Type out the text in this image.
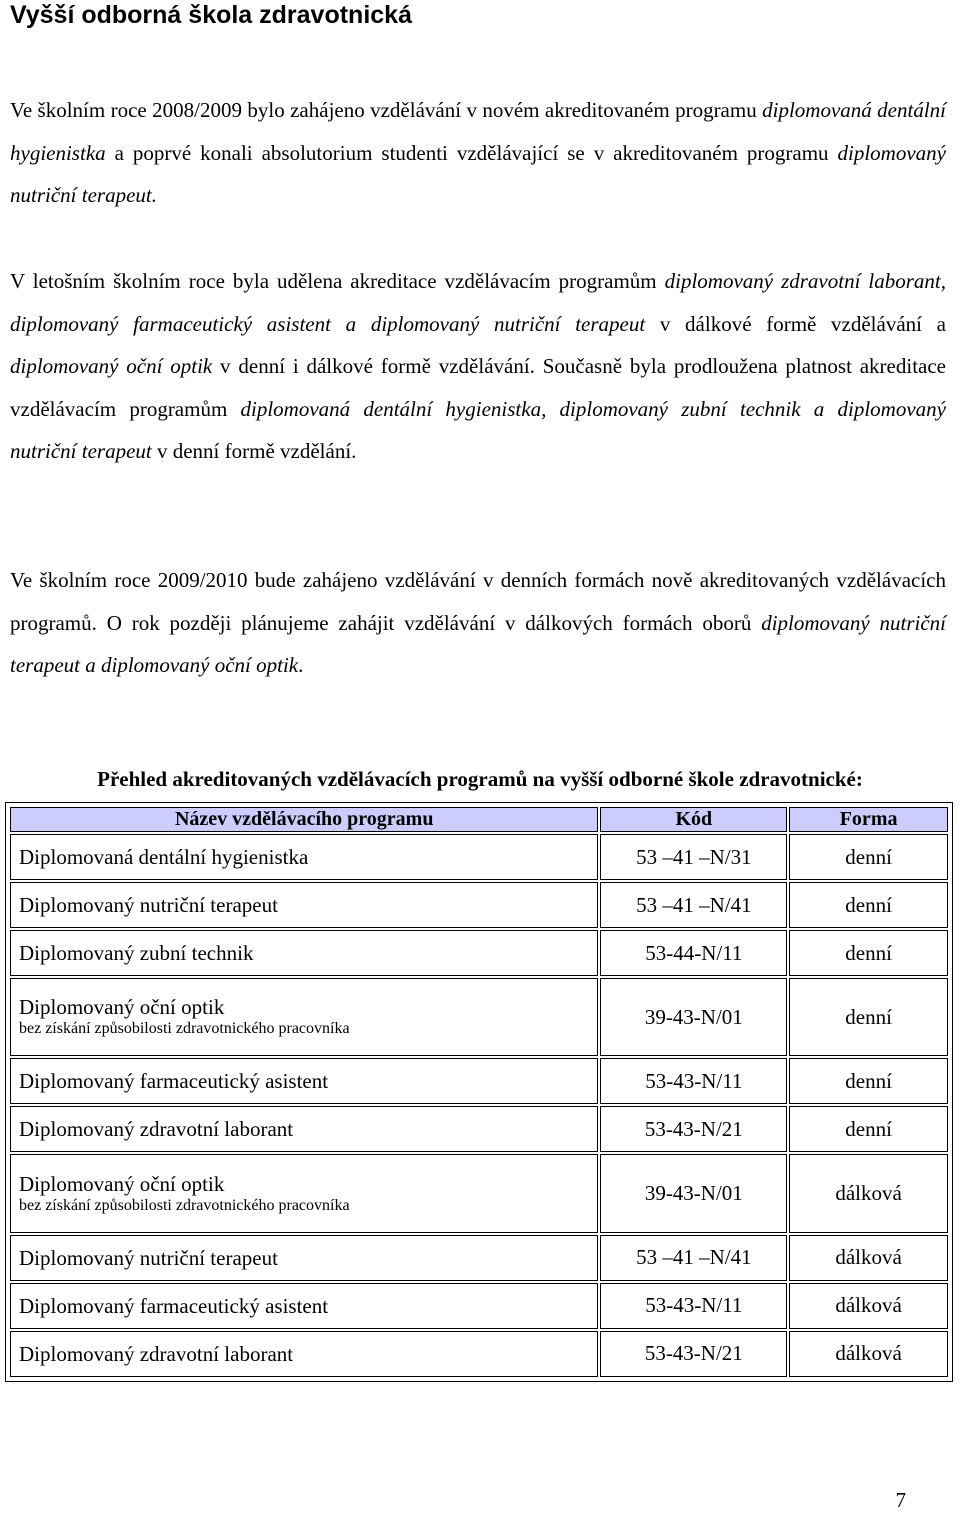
Vyšší odborná škola zdravotnická

Ve školním roce 2008/2009 bylo zahájeno vzdělávání v novém akreditovaném programu diplomovaná dentální hygienistka a poprvé konali absolutorium studenti vzdělávající se v akreditovaném programu diplomovaný nutriční terapeut.

V letošním školním roce byla udělena akreditace vzdělávacím programům diplomovaný zdravotní laborant, diplomovaný farmaceutický asistent a diplomovaný nutriční terapeut v dálkové formě vzdělávání a diplomovaný oční optik v denní i dálkové formě vzdělávání. Současně byla prodloužena platnost akreditace vzdělávacím programům diplomovaná dentální hygienistka, diplomovaný zubní technik a diplomovaný nutriční terapeut v denní formě vzdělání.

Ve školním roce 2009/2010 bude zahájeno vzdělávání v denních formách nově akreditovaných vzdělávacích programů. O rok později plánujeme zahájit vzdělávání v dálkových formách oborů diplomovaný nutriční terapeut a diplomovaný oční optik.

Přehled akreditovaných vzdělávacích programů na vyšší odborné škole zdravotnické:

Název vzdělávacího programu	Kód	Forma

Diplomovaná dentální hygienistka	53 –41 –N/31	denní

Diplomovaný nutriční terapeut	53 –41 –N/41	denní

Diplomovaný zubní technik	53-44-N/11	denní

Diplomovaný oční optik
bez získání způsobilosti zdravotnického pracovníka	39-43-N/01	denní

Diplomovaný farmaceutický asistent	53-43-N/11	denní

Diplomovaný zdravotní laborant	53-43-N/21	denní

Diplomovaný oční optik
bez získání způsobilosti zdravotnického pracovníka	39-43-N/01	dálková

Diplomovaný nutriční terapeut	53 –41 –N/41	dálková

Diplomovaný farmaceutický asistent	53-43-N/11	dálková

Diplomovaný zdravotní laborant	53-43-N/21	dálková
7
